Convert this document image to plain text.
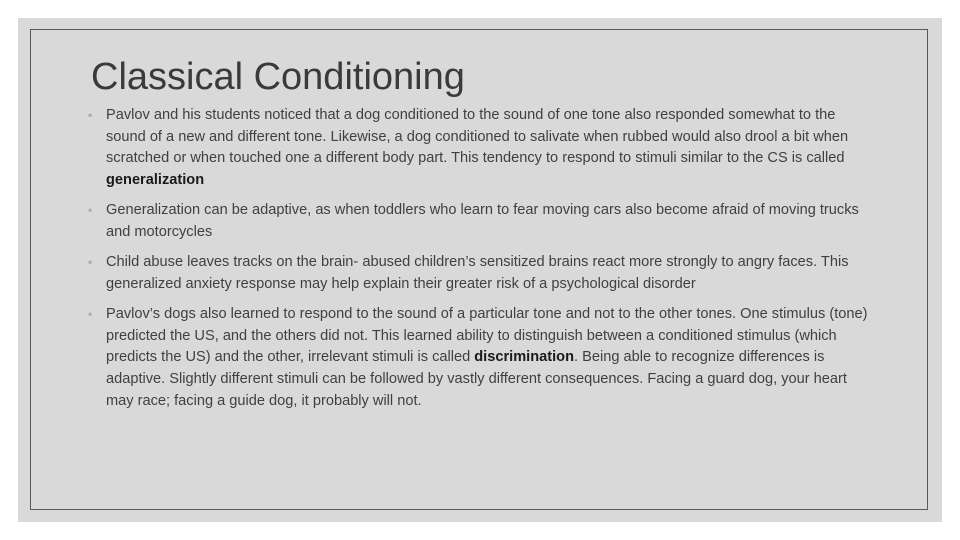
Classical Conditioning
◦ Pavlov and his students noticed that a dog conditioned to the sound of one tone also responded somewhat to the sound of a new and different tone. Likewise, a dog conditioned to salivate when rubbed would also drool a bit when scratched or when touched one a different body part. This tendency to respond to stimuli similar to the CS is called generalization
◦ Generalization can be adaptive, as when toddlers who learn to fear moving cars also become afraid of moving trucks and motorcycles
◦ Child abuse leaves tracks on the brain- abused children’s sensitized brains react more strongly to angry faces. This generalized anxiety response may help explain their greater risk of a psychological disorder
◦ Pavlov’s dogs also learned to respond to the sound of a particular tone and not to the other tones. One stimulus (tone) predicted the US, and the others did not. This learned ability to distinguish between a conditioned stimulus (which predicts the US) and the other, irrelevant stimuli is called discrimination. Being able to recognize differences is adaptive. Slightly different stimuli can be followed by vastly different consequences. Facing a guard dog, your heart may race; facing a guide dog, it probably will not.
